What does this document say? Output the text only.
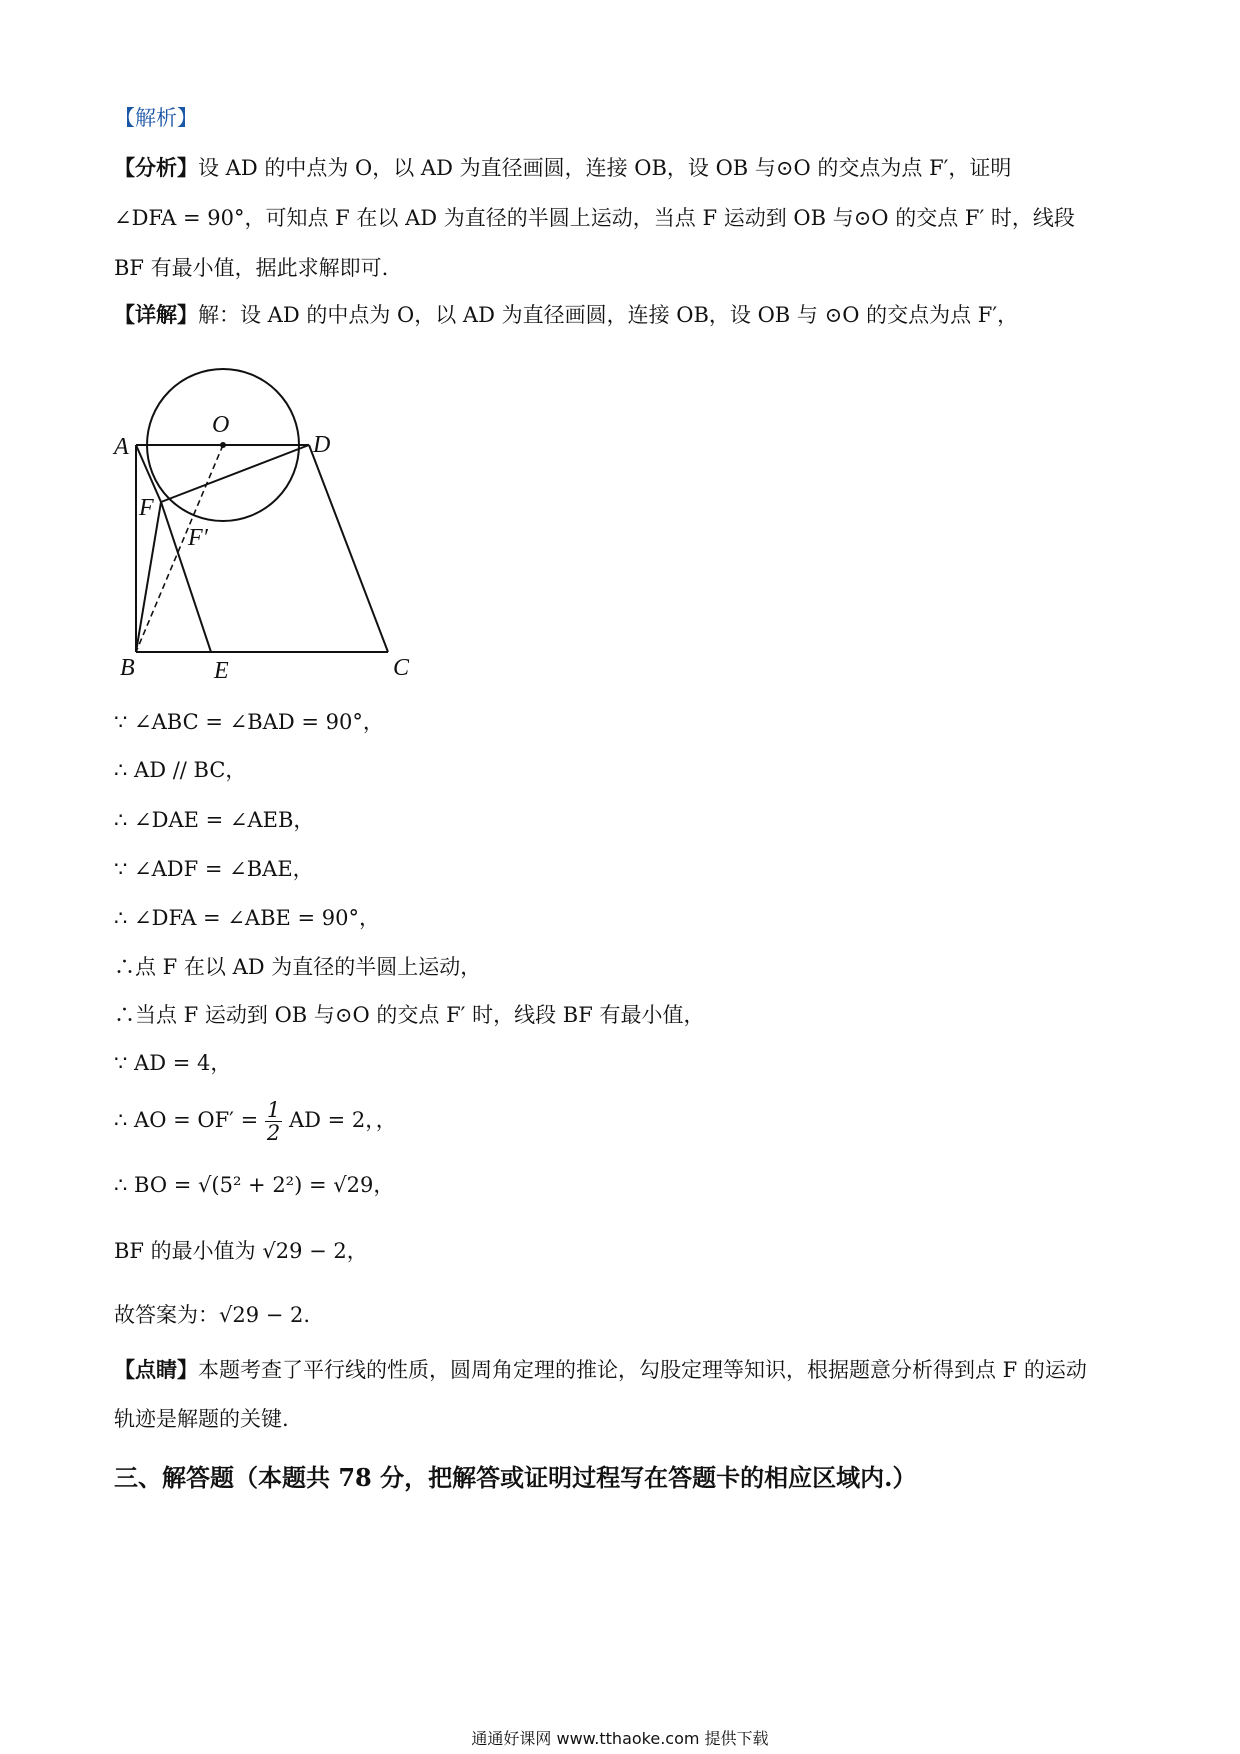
【解析】
【分析】设 AD 的中点为 O，以 AD 为直径画圆，连接 OB，设 OB 与⊙O 的交点为点 F′，证明
∠DFA = 90°，可知点 F 在以 AD 为直径的半圆上运动，当点 F 运动到 OB 与⊙O 的交点 F′ 时，线段
BF 有最小值，据此求解即可.
【详解】解：设 AD 的中点为 O，以 AD 为直径画圆，连接 OB，设 OB 与 ⊙O 的交点为点 F′，
O
A	D
F
F′
B	E	C
∵ ∠ABC = ∠BAD = 90°，
∴ AD // BC，
∴ ∠DAE = ∠AEB，
∵ ∠ADF = ∠BAE，
∴ ∠DFA = ∠ABE = 90°，
∴点 F 在以 AD 为直径的半圆上运动，
∴当点 F 运动到 OB 与⊙O 的交点 F′ 时，线段 BF 有最小值，
∵ AD = 4，
∴ AO = $OF' = \frac{1}{2}$ AD = 2，，
∴ BO = √(5² + 2²) = √29，
BF 的最小值为 √29 − 2，
故答案为：√29 − 2.
【点睛】本题考查了平行线的性质，圆周角定理的推论，勾股定理等知识，根据题意分析得到点 F 的运动
轨迹是解题的关键.
三、解答题（本题共 78 分，把解答或证明过程写在答题卡的相应区域内.）
通通好课网 www.tthaoke.com 提供下载
